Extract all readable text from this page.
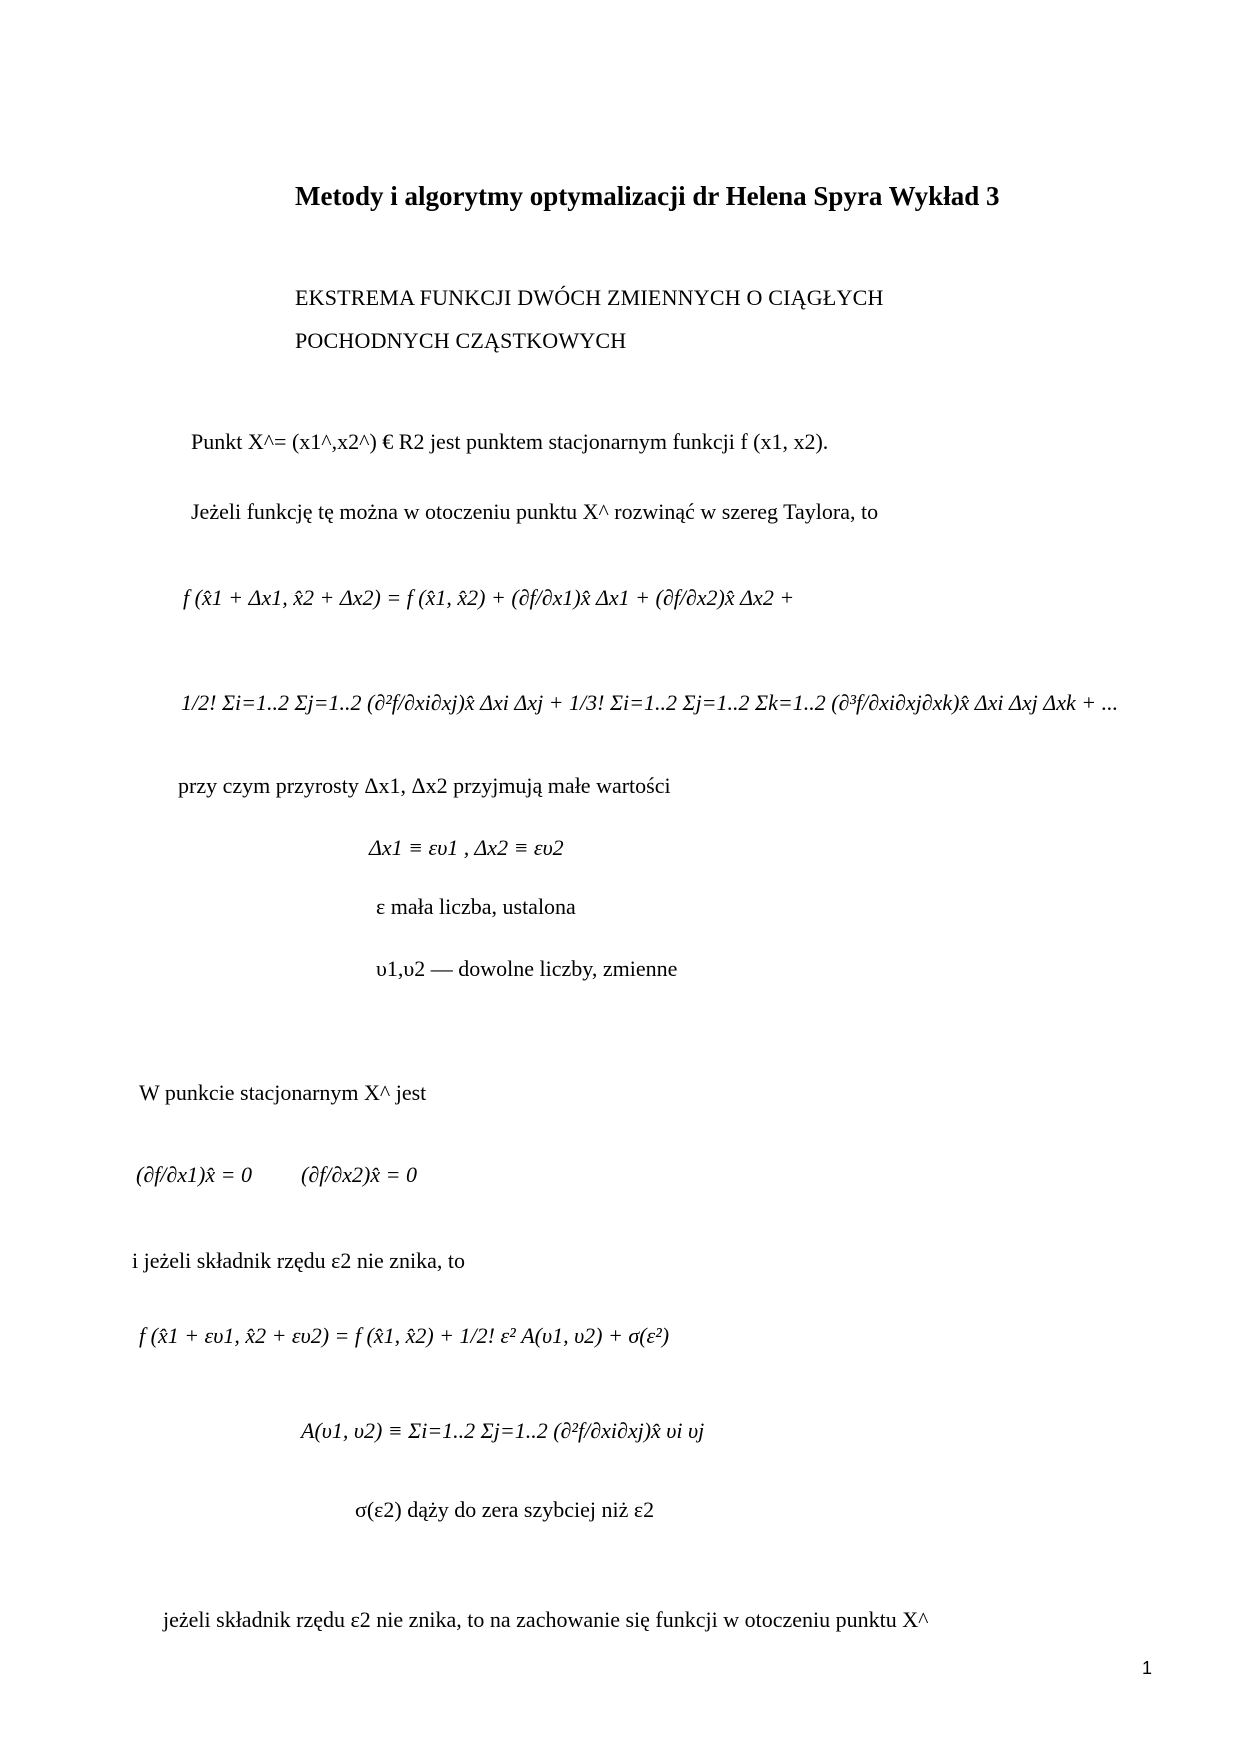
Metody i algorytmy optymalizacji dr Helena Spyra Wykład 3
EKSTREMA FUNKCJI DWÓCH ZMIENNYCH O CIĄGŁYCH
POCHODNYCH CZĄSTKOWYCH
Punkt X^= (x1^,x2^) € R2 jest punktem stacjonarnym funkcji f (x1, x2).
Jeżeli funkcję tę można w otoczeniu punktu X^ rozwinąć w szereg Taylora, to
f (x̂1 + Δx1, x̂2 + Δx2) = f (x̂1, x̂2) + (∂f/∂x1)x̂ Δx1 + (∂f/∂x2)x̂ Δx2 +
1/2! Σi=1..2 Σj=1..2 (∂²f/∂xi∂xj)x̂ Δxi Δxj + 1/3! Σi=1..2 Σj=1..2 Σk=1..2 (∂³f/∂xi∂xj∂xk)x̂ Δxi Δxj Δxk + ...
przy czym przyrosty Δx1, Δx2 przyjmują małe wartości
Δx1 ≡ ευ1 , Δx2 ≡ ευ2
ε mała liczba, ustalona
υ1,υ2 — dowolne liczby, zmienne
W punkcie stacjonarnym X^ jest
(∂f/∂x1)x̂ = 0 (∂f/∂x2)x̂ = 0
i jeżeli składnik rzędu ε2 nie znika, to
f (x̂1 + ευ1, x̂2 + ευ2) = f (x̂1, x̂2) + 1/2! ε² A(υ1, υ2) + σ(ε²)
A(υ1, υ2) ≡ Σi=1..2 Σj=1..2 (∂²f/∂xi∂xj)x̂ υi υj
σ(ε2) dąży do zera szybciej niż ε2
jeżeli składnik rzędu ε2 nie znika, to na zachowanie się funkcji w otoczeniu punktu X^
1
